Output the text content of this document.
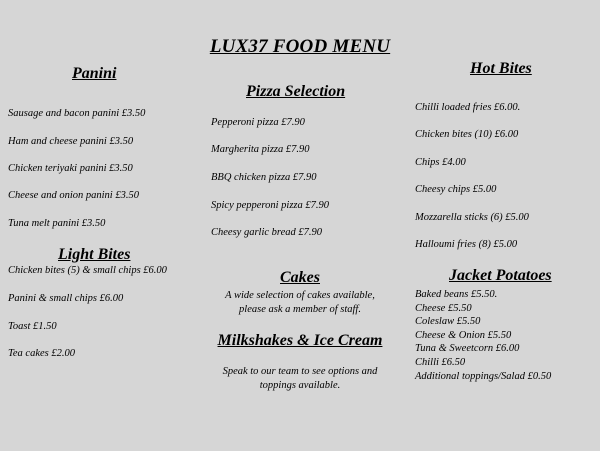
LUX37 FOOD MENU
Panini
Sausage and bacon panini £3.50
Ham and cheese panini £3.50
Chicken teriyaki panini £3.50
Cheese and onion panini £3.50
Tuna melt panini £3.50
Light Bites
Chicken bites (5) & small chips £6.00
Panini & small chips £6.00
Toast £1.50
Tea cakes £2.00
Pizza Selection
Pepperoni pizza £7.90
Margherita pizza £7.90
BBQ chicken pizza £7.90
Spicy pepperoni pizza £7.90
Cheesy garlic bread £7.90
Cakes
A wide selection of cakes available,
please ask a member of staff.
Milkshakes & Ice Cream
Speak to our team to see options and
toppings available.
Hot Bites
Chilli loaded fries £6.00.
Chicken bites (10) £6.00
Chips £4.00
Cheesy chips £5.00
Mozzarella sticks (6) £5.00
Halloumi fries (8) £5.00
Jacket Potatoes
Baked beans £5.50.
Cheese £5.50
Coleslaw £5.50
Cheese & Onion £5.50
Tuna & Sweetcorn £6.00
Chilli £6.50
Additional toppings/Salad £0.50
